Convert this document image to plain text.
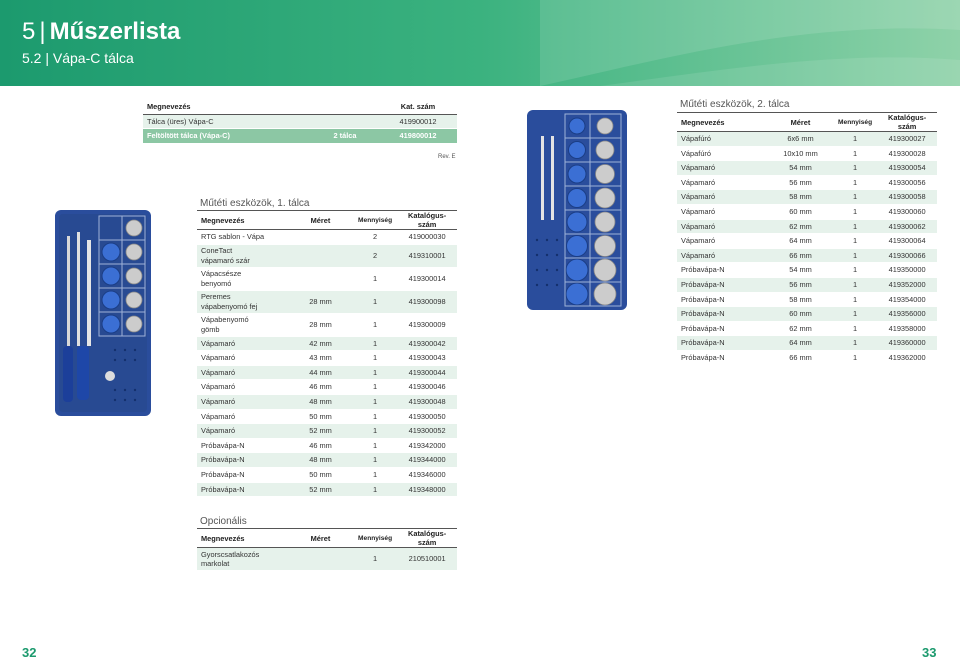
5 | Műszerlista
5.2 | Vápa-C tálca
Megnevezés		Kat. szám
Tálca (üres) Vápa-C		419900012
Feltöltött tálca (Vápa-C)	2 tálca	419800012
Rev. E
Műtéti eszközök, 1. tálca
Megnevezés	Méret	Mennyiség	Katalógus-
szám
RTG sablon - Vápa		2	419000030
ConeTact
vápamaró szár		2	419310001
Vápacsésze
benyomó		1	419300014
Peremes
vápabenyomó fej	28 mm	1	419300098
Vápabenyomó
gömb	28 mm	1	419300009
Vápamaró	42 mm	1	419300042
Vápamaró	43 mm	1	419300043
Vápamaró	44 mm	1	419300044
Vápamaró	46 mm	1	419300046
Vápamaró	48 mm	1	419300048
Vápamaró	50 mm	1	419300050
Vápamaró	52 mm	1	419300052
Próbavápa-N	46 mm	1	419342000
Próbavápa-N	48 mm	1	419344000
Próbavápa-N	50 mm	1	419346000
Próbavápa-N	52 mm	1	419348000
Opcionális
Megnevezés	Méret	Mennyiség	Katalógus-
szám
Gyorscsatlakozós
markolat		1	210510001
Műtéti eszközök, 2. tálca
Megnevezés	Méret	Mennyiség	Katalógus-
szám
Vápafúró	6x6 mm	1	419300027
Vápafúró	10x10 mm	1	419300028
Vápamaró	54 mm	1	419300054
Vápamaró	56 mm	1	419300056
Vápamaró	58 mm	1	419300058
Vápamaró	60 mm	1	419300060
Vápamaró	62 mm	1	419300062
Vápamaró	64 mm	1	419300064
Vápamaró	66 mm	1	419300066
Próbavápa-N	54 mm	1	419350000
Próbavápa-N	56 mm	1	419352000
Próbavápa-N	58 mm	1	419354000
Próbavápa-N	60 mm	1	419356000
Próbavápa-N	62 mm	1	419358000
Próbavápa-N	64 mm	1	419360000
Próbavápa-N	66 mm	1	419362000
32	33
